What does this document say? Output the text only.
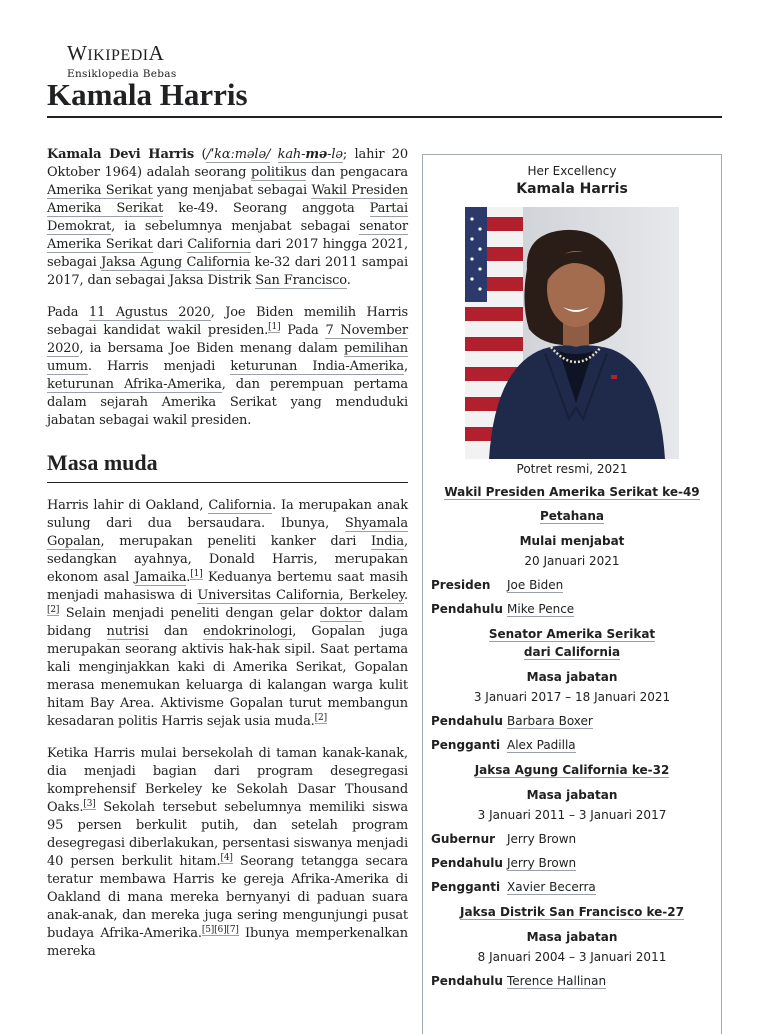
WIKIPEDIA
Ensiklopedia Bebas
Kamala Harris

Kamala Devi Harris (/ˈkɑːmələ/ kah-mə-lə; lahir 20 Oktober 1964) adalah seorang politikus dan pengacara Amerika Serikat yang menjabat sebagai Wakil Presiden Amerika Serikat ke-49. Seorang anggota Partai Demokrat, ia sebelumnya menjabat sebagai senator Amerika Serikat dari California dari 2017 hingga 2021, sebagai Jaksa Agung California ke-32 dari 2011 sampai 2017, dan sebagai Jaksa Distrik San Francisco.

Pada 11 Agustus 2020, Joe Biden memilih Harris sebagai kandidat wakil presiden.[1] Pada 7 November 2020, ia bersama Joe Biden menang dalam pemilihan umum. Harris menjadi keturunan India-Amerika, keturunan Afrika-Amerika, dan perempuan pertama dalam sejarah Amerika Serikat yang menduduki jabatan sebagai wakil presiden.

Masa muda

Harris lahir di Oakland, California. Ia merupakan anak sulung dari dua bersaudara. Ibunya, Shyamala Gopalan, merupakan peneliti kanker dari India, sedangkan ayahnya, Donald Harris, merupakan ekonom asal Jamaika.[1] Keduanya bertemu saat masih menjadi mahasiswa di Universitas California, Berkeley.[2] Selain menjadi peneliti dengan gelar doktor dalam bidang nutrisi dan endokrinologi, Gopalan juga merupakan seorang aktivis hak-hak sipil. Saat pertama kali menginjakkan kaki di Amerika Serikat, Gopalan merasa menemukan keluarga di kalangan warga kulit hitam Bay Area. Aktivisme Gopalan turut membangun kesadaran politis Harris sejak usia muda.[2]

Ketika Harris mulai bersekolah di taman kanak-kanak, dia menjadi bagian dari program desegregasi komprehensif Berkeley ke Sekolah Dasar Thousand Oaks.[3] Sekolah tersebut sebelumnya memiliki siswa 95 persen berkulit putih, dan setelah program desegregasi diberlakukan, persentasi siswanya menjadi 40 persen berkulit hitam.[4] Seorang tetangga secara teratur membawa Harris ke gereja Afrika-Amerika di Oakland di mana mereka bernyanyi di paduan suara anak-anak, dan mereka juga sering mengunjungi pusat budaya Afrika-Amerika.[5][6][7] Ibunya memperkenalkan mereka

Her Excellency
Kamala Harris
Potret resmi, 2021
Wakil Presiden Amerika Serikat ke-49
Petahana
Mulai menjabat
20 Januari 2021
Presiden	Joe Biden
Pendahulu Mike Pence
Senator Amerika Serikat
dari California
Masa jabatan
3 Januari 2017 – 18 Januari 2021
Pendahulu Barbara Boxer
Pengganti Alex Padilla
Jaksa Agung California ke-32
Masa jabatan
3 Januari 2011 – 3 Januari 2017
Gubernur Jerry Brown
Pendahulu Jerry Brown
Pengganti Xavier Becerra
Jaksa Distrik San Francisco ke-27
Masa jabatan
8 Januari 2004 – 3 Januari 2011
Pendahulu Terence Hallinan
